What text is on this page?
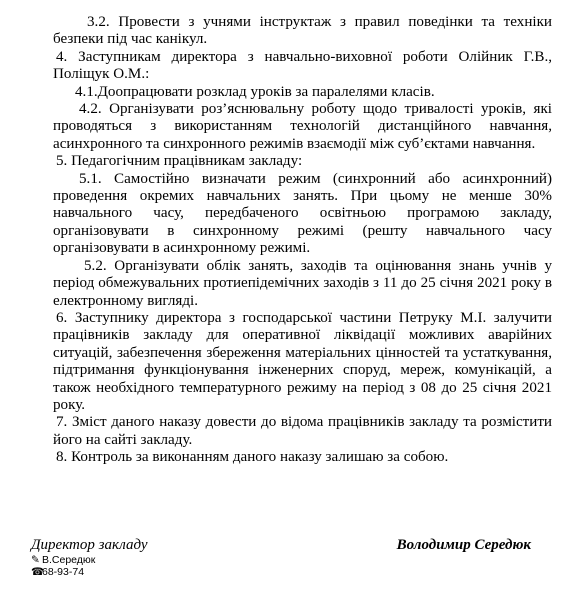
3.2. Провести з учнями інструктаж з правил поведінки та техніки безпеки під час канікул.

4. Заступникам директора з навчально-виховної роботи Олійник Г.В., Поліщук О.М.:

4.1.Доопрацювати розклад уроків за паралелями класів.

4.2. Організувати роз’яснювальну роботу щодо тривалості уроків, які проводяться з використанням технологій дистанційного навчання, асинхронного та синхронного режимів взаємодії між суб’єктами навчання.

5. Педагогічним працівникам закладу:

5.1. Самостійно визначати режим (синхронний або асинхронний) проведення окремих навчальних занять. При цьому не менше 30% навчального часу, передбаченого освітньою програмою закладу, організовувати в синхронному режимі (решту навчального часу організовувати в асинхронному режимі.

5.2. Організувати облік занять, заходів та оцінювання знань учнів у період обмежувальних протиепідемічних заходів з 11 до 25 січня 2021 року в електронному вигляді.

6. Заступнику директора з господарської частини Петруку М.І. залучити працівників закладу для оперативної ліквідації можливих аварійних ситуацій, забезпечення збереження матеріальних цінностей та устаткування, підтримання функціонування інженерних споруд, мереж, комунікацій, а також необхідного температурного режиму на період з 08 до 25 січня 2021 року.

7. Зміст даного наказу довести до відома працівників закладу та розмістити його на сайті закладу.

8. Контроль за виконанням даного наказу залишаю за собою.

Директор закладу	Володимир Середюк
✎ В.Середюк
☎68-93-74
